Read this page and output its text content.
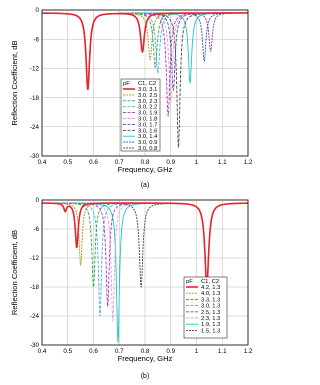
0.4	0.5	0.6	0.7	0.8	0.9	1	1.1	1.2
0
-6
-12
-18
-24
-30
Frequency, GHz
Reflection Coefficient, dB
(a)
pF C1, C2
3.0, 3.1
3.0, 2.5
3.0, 2.3
3.0, 2.2
3.0, 1.9
3.0, 1.8
3.0, 1.7
3.0, 1.6
3.0, 1.4
3.0, 0.9
3.0, 0.8
0.4	0.5	0.6	0.7	0.8	0.9	1	1.1	1.2
0
-6
-12
-18
-24
-30
Frequency, GHz
Reflection Coefficient, dB
(b)
pF C1, C2
4.2, 1.3
4.0, 1.3
3.3, 1.3
3.0, 1.3
2.5, 1.3
2.3, 1.3
1.9, 1.3
1.5, 1.3
